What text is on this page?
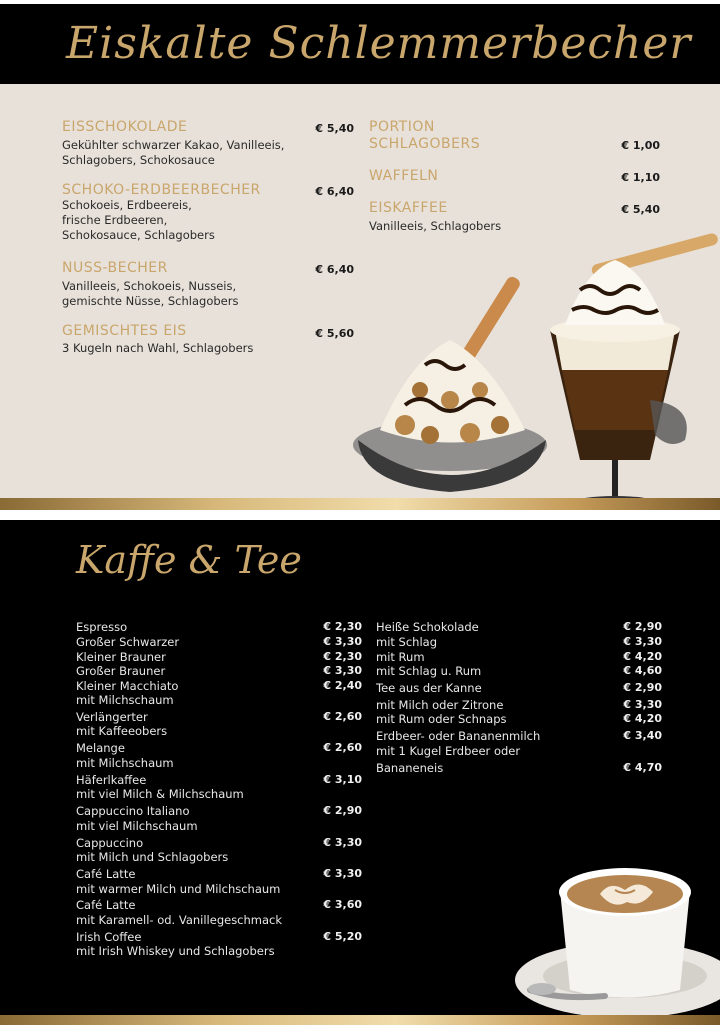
Eiskalte Schlemmerbecher
EISSCHOKOLADE	€ 5,40
Gekühlter schwarzer Kakao, Vanilleeis,
Schlagobers, Schokosauce
SCHOKO-ERDBEERBECHER	€ 6,40
Schokoeis, Erdbeereis,
frische Erdbeeren,
Schokosauce, Schlagobers
NUSS-BECHER	€ 6,40
Vanilleeis, Schokoeis, Nusseis,
gemischte Nüsse, Schlagobers
GEMISCHTES EIS	€ 5,60
3 Kugeln nach Wahl, Schlagobers
PORTION
SCHLAGOBERS	€ 1,00
WAFFELN	€ 1,10
EISKAFFEE	€ 5,40
Vanilleeis, Schlagobers
Kaffe & Tee
Espresso	€ 2,30
Großer Schwarzer	€ 3,30
Kleiner Brauner	€ 2,30
Großer Brauner	€ 3,30
Kleiner Macchiato	€ 2,40
mit Milchschaum
Verlängerter	€ 2,60
mit Kaffeeobers
Melange	€ 2,60
mit Milchschaum
Häferlkaffee	€ 3,10
mit viel Milch & Milchschaum
Cappuccino Italiano	€ 2,90
mit viel Milchschaum
Cappuccino	€ 3,30
mit Milch und Schlagobers
Café Latte	€ 3,30
mit warmer Milch und Milchschaum
Café Latte	€ 3,60
mit Karamell- od. Vanillegeschmack
Irish Coffee	€ 5,20
mit Irish Whiskey und Schlagobers
Heiße Schokolade	€ 2,90
mit Schlag	€ 3,30
mit Rum	€ 4,20
mit Schlag u. Rum	€ 4,60
Tee aus der Kanne	€ 2,90
mit Milch oder Zitrone	€ 3,30
mit Rum oder Schnaps	€ 4,20
Erdbeer- oder Bananenmilch	€ 3,40
mit 1 Kugel Erdbeer oder
Bananeneis	€ 4,70
